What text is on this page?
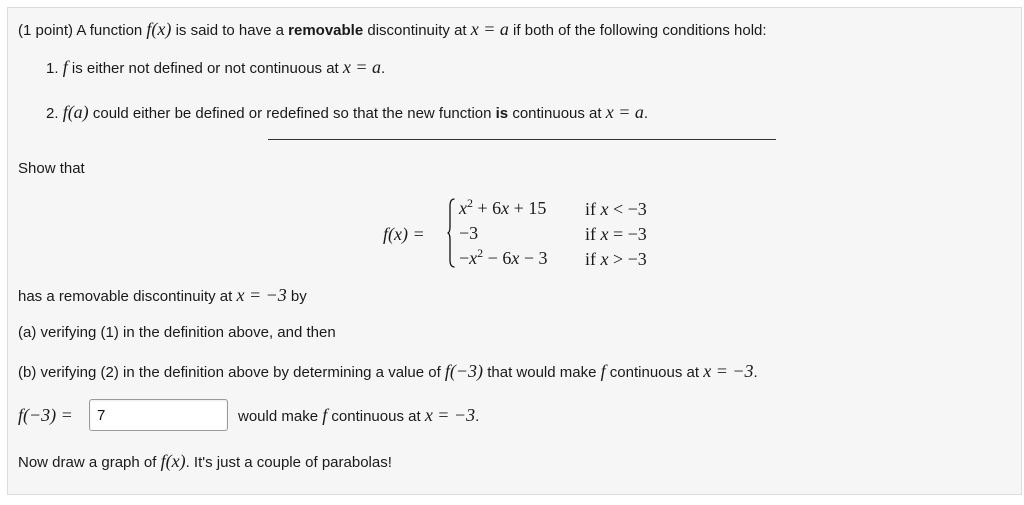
(1 point) A function f(x) is said to have a removable discontinuity at x = a if both of the following conditions hold:
1. f is either not defined or not continuous at x = a.
2. f(a) could either be defined or redefined so that the new function is continuous at x = a.
Show that
f(x) =
$x^2 + 6x + 15$
−3
$-x^2 - 6x - 3$
if x < −3
if x = −3
if x > −3
has a removable discontinuity at x = −3 by
(a) verifying (1) in the definition above, and then
(b) verifying (2) in the definition above by determining a value of f(−3) that would make f continuous at x = −3.
f(−3) =
7	would make f continuous at x = −3.
Now draw a graph of f(x). It's just a couple of parabolas!
